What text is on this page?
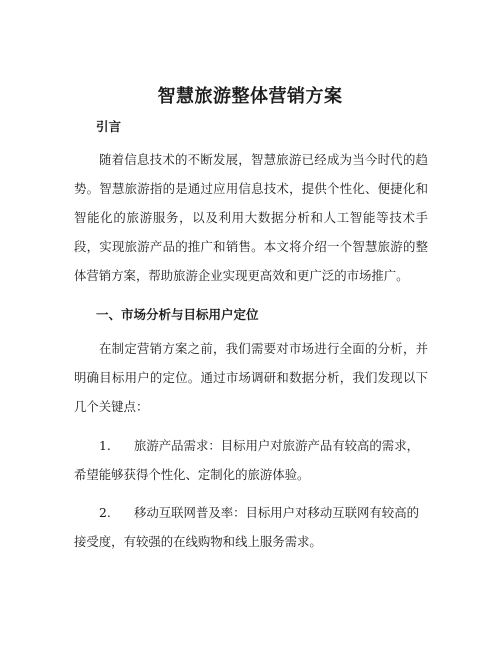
智慧旅游整体营销方案
引言

随着信息技术的不断发展，智慧旅游已经成为当今时代的趋势。智慧旅游指的是通过应用信息技术，提供个性化、便捷化和智能化的旅游服务，以及利用大数据分析和人工智能等技术手段，实现旅游产品的推广和销售。本文将介绍一个智慧旅游的整体营销方案，帮助旅游企业实现更高效和更广泛的市场推广。

一、市场分析与目标用户定位

在制定营销方案之前，我们需要对市场进行全面的分析，并明确目标用户的定位。通过市场调研和数据分析，我们发现以下几个关键点：

1. 旅游产品需求：目标用户对旅游产品有较高的需求，希望能够获得个性化、定制化的旅游体验。

2. 移动互联网普及率：目标用户对移动互联网有较高的接受度，有较强的在线购物和线上服务需求。
